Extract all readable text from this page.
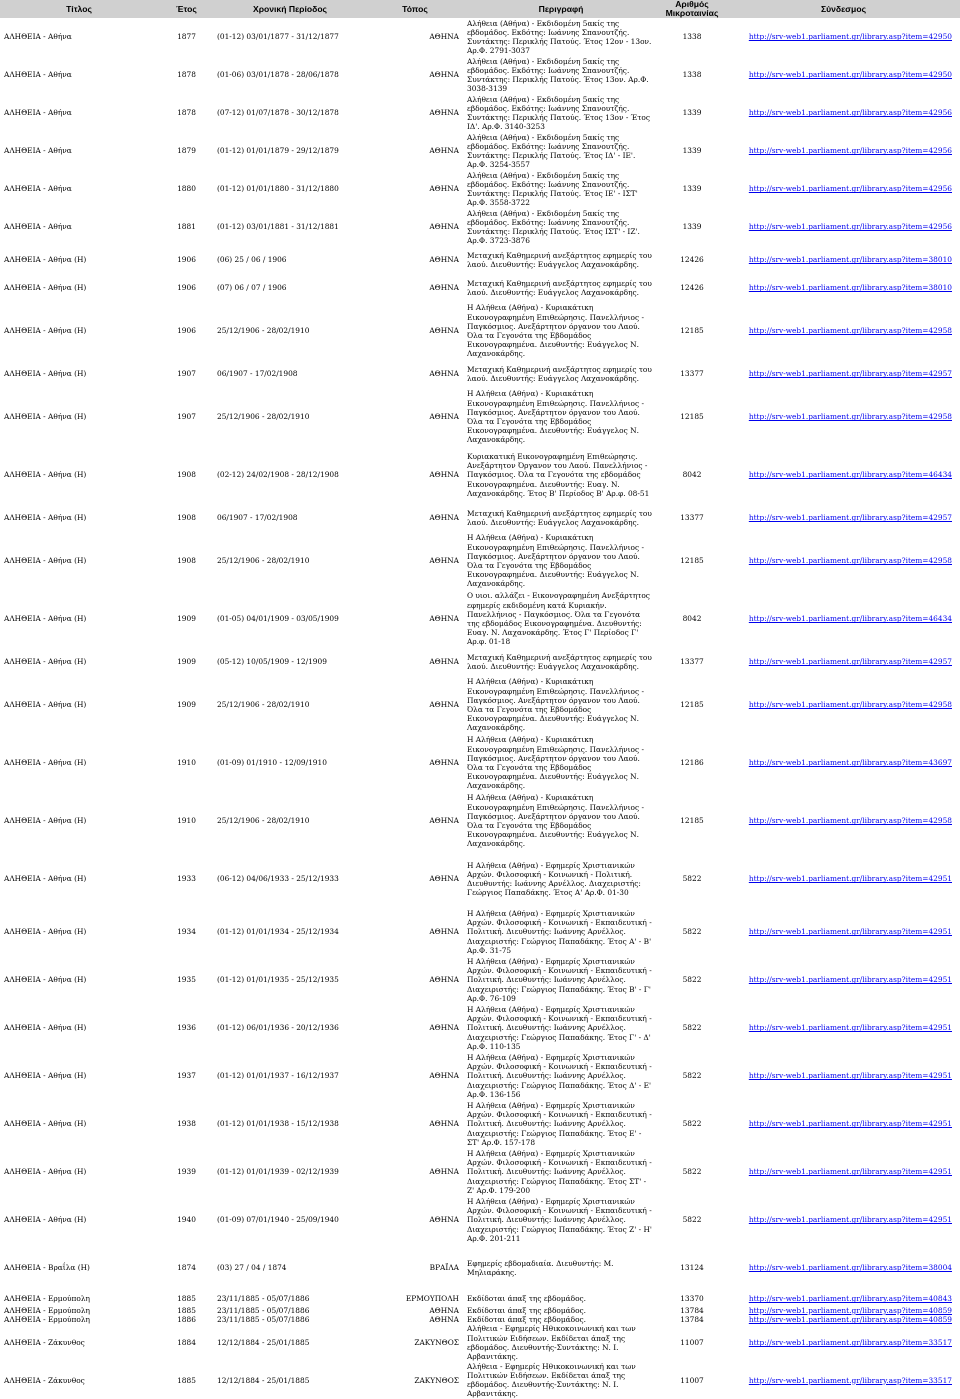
Τίτλος	Έτος	Χρονική Περίοδος	Τόπος	Περιγραφή	Αριθμός Μικροταινίας	Σύνδεσμος
ΑΛΗΘΕΙΑ - Αθήνα	1877	(01-12) 03/01/1877 - 31/12/1877	ΑΘΗΝΑ	Αλήθεια (Αθήνα) - Εκδιδομένη 5ακίς της εβδομάδος. Εκδότης: Ιωάννης Σπανουτζής. Συντάκτης: Περικλής Πατούς. Έτος 12ον - 13ον. Αρ.Φ. 2791-3037	1338	http://srv-web1.parliament.gr/library.asp?item=42950
ΑΛΗΘΕΙΑ - Αθήνα	1878	(01-06) 03/01/1878 - 28/06/1878	ΑΘΗΝΑ	Αλήθεια (Αθήνα) - Εκδιδομένη 5ακίς της εβδομάδος. Εκδότης: Ιωάννης Σπανουτζής. Συντάκτης: Περικλής Πατούς. Έτος 13ον. Αρ.Φ. 3038-3139	1338	http://srv-web1.parliament.gr/library.asp?item=42950
ΑΛΗΘΕΙΑ - Αθήνα	1878	(07-12) 01/07/1878 - 30/12/1878	ΑΘΗΝΑ	Αλήθεια (Αθήνα) - Εκδιδομένη 5ακίς της εβδομάδος. Εκδότης: Ιωάννης Σπανουτζής. Συντάκτης: Περικλής Πατούς. Έτος 13ον - Έτος ΙΔ'. Αρ.Φ. 3140-3253	1339	http://srv-web1.parliament.gr/library.asp?item=42956
ΑΛΗΘΕΙΑ - Αθήνα	1879	(01-12) 01/01/1879 - 29/12/1879	ΑΘΗΝΑ	Αλήθεια (Αθήνα) - Εκδιδομένη 5ακίς της εβδομάδος. Εκδότης: Ιωάννης Σπανουτζής. Συντάκτης: Περικλής Πατούς. Έτος ΙΔ' - ΙΕ'. Αρ.Φ. 3254-3557	1339	http://srv-web1.parliament.gr/library.asp?item=42956
ΑΛΗΘΕΙΑ - Αθήνα	1880	(01-12) 01/01/1880 - 31/12/1880	ΑΘΗΝΑ	Αλήθεια (Αθήνα) - Εκδιδομένη 5ακίς της εβδομάδος. Εκδότης: Ιωάννης Σπανουτζής. Συντάκτης: Περικλής Πατούς. Έτος ΙΕ' - ΙΣΤ' Αρ.Φ. 3558-3722	1339	http://srv-web1.parliament.gr/library.asp?item=42956
ΑΛΗΘΕΙΑ - Αθήνα	1881	(01-12) 03/01/1881 - 31/12/1881	ΑΘΗΝΑ	Αλήθεια (Αθήνα) - Εκδιδομένη 5ακίς της εβδομάδος. Εκδότης: Ιωάννης Σπανουτζής. Συντάκτης: Περικλής Πατούς. Έτος ΙΣΤ' - ΙΖ'. Αρ.Φ. 3723-3876	1339	http://srv-web1.parliament.gr/library.asp?item=42956
ΑΛΗΘΕΙΑ - Αθήνα (Η)	1906	(06) 25 / 06 / 1906	ΑΘΗΝΑ	Μεταχική Καθημερινή ανεξάρτητος εφημερίς του λαού. Διευθυντής: Ευάγγελος Λαχανοκάρδης.	12426	http://srv-web1.parliament.gr/library.asp?item=38010
ΑΛΗΘΕΙΑ - Αθήνα (Η)	1906	(07) 06 / 07 / 1906	ΑΘΗΝΑ	Μεταχική Καθημερινή ανεξάρτητος εφημερίς του λαού. Διευθυντής: Ευάγγελος Λαχανοκάρδης.	12426	http://srv-web1.parliament.gr/library.asp?item=38010
ΑΛΗΘΕΙΑ - Αθήνα (Η)	1906	25/12/1906 - 28/02/1910	ΑΘΗΝΑ	Η Αλήθεια (Αθήνα) - Κυριακάτικη Εικονογραφημένη Επιθεώρησις. Πανελλήνιος - Παγκόσμιος. Ανεξάρτητον όργανον του Λαού. Όλα τα Γεγονότα της Εβδομάδος Εικονογραφημένα. Διευθυντής: Ευάγγελος Ν. Λαχανοκάρδης.	12185	http://srv-web1.parliament.gr/library.asp?item=42958
ΑΛΗΘΕΙΑ - Αθήνα (Η)	1907	06/1907 - 17/02/1908	ΑΘΗΝΑ	Μεταχική Καθημερινή ανεξάρτητος εφημερίς του λαού. Διευθυντής: Ευάγγελος Λαχανοκάρδης.	13377	http://srv-web1.parliament.gr/library.asp?item=42957
ΑΛΗΘΕΙΑ - Αθήνα (Η)	1907	25/12/1906 - 28/02/1910	ΑΘΗΝΑ	Η Αλήθεια (Αθήνα) - Κυριακάτικη Εικονογραφημένη Επιθεώρησις. Πανελλήνιος - Παγκόσμιος. Ανεξάρτητον όργανον του Λαού. Όλα τα Γεγονότα της Εβδομάδος Εικονογραφημένα. Διευθυντής: Ευάγγελος Ν. Λαχανοκάρδης.	12185	http://srv-web1.parliament.gr/library.asp?item=42958
ΑΛΗΘΕΙΑ - Αθήνα (Η)	1908	(02-12) 24/02/1908 - 28/12/1908	ΑΘΗΝΑ	Κυριακατική Εικονογραφημένη Επιθεώρησις. Ανεξάρτητον Όργανον του Λαού. Πανελλήνιος - Παγκόσμιος. Όλα τα Γεγονότα της εβδομάδος Εικονογραφημένα. Διευθυντής: Ευαγ. Ν. Λαχανοκάρδης. Έτος Β' Περίοδος Β' Αρ.φ. 08-51	8042	http://srv-web1.parliament.gr/library.asp?item=46434
ΑΛΗΘΕΙΑ - Αθήνα (Η)	1908	06/1907 - 17/02/1908	ΑΘΗΝΑ	Μεταχική Καθημερινή ανεξάρτητος εφημερίς του λαού. Διευθυντής: Ευάγγελος Λαχανοκάρδης.	13377	http://srv-web1.parliament.gr/library.asp?item=42957
ΑΛΗΘΕΙΑ - Αθήνα (Η)	1908	25/12/1906 - 28/02/1910	ΑΘΗΝΑ	Η Αλήθεια (Αθήνα) - Κυριακάτικη Εικονογραφημένη Επιθεώρησις. Πανελλήνιος - Παγκόσμιος. Ανεξάρτητον όργανον του Λαού. Όλα τα Γεγονότα της Εβδομάδος Εικονογραφημένα. Διευθυντής: Ευάγγελος Ν. Λαχανοκάρδης.	12185	http://srv-web1.parliament.gr/library.asp?item=42958
ΑΛΗΘΕΙΑ - Αθήνα (Η)	1909	(01-05) 04/01/1909 - 03/05/1909	ΑΘΗΝΑ	Ο υιοι. αλλάζει - Εικονογραφημένη Ανεξάρτητος εφημερίς εκδιδομένη κατά Κυριακήν. Πανελλήνιος - Παγκόσμιος. Όλα τα Γεγονότα της εβδομάδος Εικονογραφημένα. Διευθυντής: Ευαγ. Ν. Λαχανοκάρδης. Έτος Γ' Περίοδος Γ' Αρ.φ. 01-18	8042	http://srv-web1.parliament.gr/library.asp?item=46434
ΑΛΗΘΕΙΑ - Αθήνα (Η)	1909	(05-12) 10/05/1909 - 12/1909	ΑΘΗΝΑ	Μεταχική Καθημερινή ανεξάρτητος εφημερίς του λαού. Διευθυντής: Ευάγγελος Λαχανοκάρδης.	13377	http://srv-web1.parliament.gr/library.asp?item=42957
ΑΛΗΘΕΙΑ - Αθήνα (Η)	1909	25/12/1906 - 28/02/1910	ΑΘΗΝΑ	Η Αλήθεια (Αθήνα) - Κυριακάτικη Εικονογραφημένη Επιθεώρησις. Πανελλήνιος - Παγκόσμιος. Ανεξάρτητον όργανον του Λαού. Όλα τα Γεγονότα της Εβδομάδος Εικονογραφημένα. Διευθυντής: Ευάγγελος Ν. Λαχανοκάρδης.	12185	http://srv-web1.parliament.gr/library.asp?item=42958
ΑΛΗΘΕΙΑ - Αθήνα (Η)	1910	(01-09) 01/1910 - 12/09/1910	ΑΘΗΝΑ	Η Αλήθεια (Αθήνα) - Κυριακάτικη Εικονογραφημένη Επιθεώρησις. Πανελλήνιος - Παγκόσμιος. Ανεξάρτητον όργανον του Λαού. Όλα τα Γεγονότα της Εβδομάδος Εικονογραφημένα. Διευθυντής: Ευάγγελος Ν. Λαχανοκάρδης.	12186	http://srv-web1.parliament.gr/library.asp?item=43697
ΑΛΗΘΕΙΑ - Αθήνα (Η)	1910	25/12/1906 - 28/02/1910	ΑΘΗΝΑ	Η Αλήθεια (Αθήνα) - Κυριακάτικη Εικονογραφημένη Επιθεώρησις. Πανελλήνιος - Παγκόσμιος. Ανεξάρτητον όργανον του Λαού. Όλα τα Γεγονότα της Εβδομάδος Εικονογραφημένα. Διευθυντής: Ευάγγελος Ν. Λαχανοκάρδης.	12185	http://srv-web1.parliament.gr/library.asp?item=42958
ΑΛΗΘΕΙΑ - Αθήνα (Η)	1933	(06-12) 04/06/1933 - 25/12/1933	ΑΘΗΝΑ	Η Αλήθεια (Αθήνα) - Εφημερίς Χριστιανικών Αρχών. Φιλοσοφική - Κοινωνική - Πολιτική. Διευθυντής: Ιωάννης Αρνέλλος. Διαχειριστής: Γεώργιος Παπαδάκης. Έτος Α' Αρ.Φ. 01-30	5822	http://srv-web1.parliament.gr/library.asp?item=42951
ΑΛΗΘΕΙΑ - Αθήνα (Η)	1934	(01-12) 01/01/1934 - 25/12/1934	ΑΘΗΝΑ	Η Αλήθεια (Αθήνα) - Εφημερίς Χριστιανικών Αρχών. Φιλοσοφική - Κοινωνική - Εκπαιδευτική - Πολιτική. Διευθυντής: Ιωάννης Αρνέλλος. Διαχειριστής: Γεώργιος Παπαδάκης. Έτος Α' - Β' Αρ.Φ. 31-75	5822	http://srv-web1.parliament.gr/library.asp?item=42951
ΑΛΗΘΕΙΑ - Αθήνα (Η)	1935	(01-12) 01/01/1935 - 25/12/1935	ΑΘΗΝΑ	Η Αλήθεια (Αθήνα) - Εφημερίς Χριστιανικών Αρχών. Φιλοσοφική - Κοινωνική - Εκπαιδευτική - Πολιτική. Διευθυντής: Ιωάννης Αρνέλλος. Διαχειριστής: Γεώργιος Παπαδάκης. Έτος Β' - Γ' Αρ.Φ. 76-109	5822	http://srv-web1.parliament.gr/library.asp?item=42951
ΑΛΗΘΕΙΑ - Αθήνα (Η)	1936	(01-12) 06/01/1936 - 20/12/1936	ΑΘΗΝΑ	Η Αλήθεια (Αθήνα) - Εφημερίς Χριστιανικών Αρχών. Φιλοσοφική - Κοινωνική - Εκπαιδευτική - Πολιτική. Διευθυντής: Ιωάννης Αρνέλλος. Διαχειριστής: Γεώργιος Παπαδάκης. Έτος Γ' - Δ' Αρ.Φ. 110-135	5822	http://srv-web1.parliament.gr/library.asp?item=42951
ΑΛΗΘΕΙΑ - Αθήνα (Η)	1937	(01-12) 01/01/1937 - 16/12/1937	ΑΘΗΝΑ	Η Αλήθεια (Αθήνα) - Εφημερίς Χριστιανικών Αρχών. Φιλοσοφική - Κοινωνική - Εκπαιδευτική - Πολιτική. Διευθυντής: Ιωάννης Αρνέλλος. Διαχειριστής: Γεώργιος Παπαδάκης. Έτος Δ' - Ε' Αρ.Φ. 136-156	5822	http://srv-web1.parliament.gr/library.asp?item=42951
ΑΛΗΘΕΙΑ - Αθήνα (Η)	1938	(01-12) 01/01/1938 - 15/12/1938	ΑΘΗΝΑ	Η Αλήθεια (Αθήνα) - Εφημερίς Χριστιανικών Αρχών. Φιλοσοφική - Κοινωνική - Εκπαιδευτική - Πολιτική. Διευθυντής: Ιωάννης Αρνέλλος. Διαχειριστής: Γεώργιος Παπαδάκης. Έτος Ε' - ΣΤ' Αρ.Φ. 157-178	5822	http://srv-web1.parliament.gr/library.asp?item=42951
ΑΛΗΘΕΙΑ - Αθήνα (Η)	1939	(01-12) 01/01/1939 - 02/12/1939	ΑΘΗΝΑ	Η Αλήθεια (Αθήνα) - Εφημερίς Χριστιανικών Αρχών. Φιλοσοφική - Κοινωνική - Εκπαιδευτική - Πολιτική. Διευθυντής: Ιωάννης Αρνέλλος. Διαχειριστής: Γεώργιος Παπαδάκης. Έτος ΣΤ' - Ζ' Αρ.Φ. 179-200	5822	http://srv-web1.parliament.gr/library.asp?item=42951
ΑΛΗΘΕΙΑ - Αθήνα (Η)	1940	(01-09) 07/01/1940 - 25/09/1940	ΑΘΗΝΑ	Η Αλήθεια (Αθήνα) - Εφημερίς Χριστιανικών Αρχών. Φιλοσοφική - Κοινωνική - Εκπαιδευτική - Πολιτική. Διευθυντής: Ιωάννης Αρνέλλος. Διαχειριστής: Γεώργιος Παπαδάκης. Έτος Ζ' - Η' Αρ.Φ. 201-211	5822	http://srv-web1.parliament.gr/library.asp?item=42951
ΑΛΗΘΕΙΑ - Βραΐλα (Η)	1874	(03) 27 / 04 / 1874	ΒΡΑΪΛΑ	Εφημερίς εβδομαδιαία. Διευθυντής: Μ. Μηλιαράκης.	13124	http://srv-web1.parliament.gr/library.asp?item=38004
ΑΛΗΘΕΙΑ - Ερμούπολη	1885	23/11/1885 - 05/07/1886	ΕΡΜΟΥΠΟΛΗ	Εκδίδοται άπαξ της εβδομάδος.	13370	http://srv-web1.parliament.gr/library.asp?item=40843
ΑΛΗΘΕΙΑ - Ερμούπολη	1885	23/11/1885 - 05/07/1886	ΑΘΗΝΑ	Εκδίδοται άπαξ της εβδομάδος.	13784	http://srv-web1.parliament.gr/library.asp?item=40859
ΑΛΗΘΕΙΑ - Ερμούπολη	1886	23/11/1885 - 05/07/1886	ΑΘΗΝΑ	Εκδίδοται άπαξ της εβδομάδος.	13784	http://srv-web1.parliament.gr/library.asp?item=40859
ΑΛΗΘΕΙΑ - Ζάκυνθος	1884	12/12/1884 - 25/01/1885	ΖΑΚΥΝΘΟΣ	Αλήθεια - Εφημερίς Ηθικοκοινωνική και των Πολιτικών Ειδήσεων. Εκδίδεται άπαξ της εβδομάδος. Διευθυντής-Συντάκτης: Ν. Ι. Αρβανιτάκης.	11007	http://srv-web1.parliament.gr/library.asp?item=33517
ΑΛΗΘΕΙΑ - Ζάκυνθος	1885	12/12/1884 - 25/01/1885	ΖΑΚΥΝΘΟΣ	Αλήθεια - Εφημερίς Ηθικοκοινωνική και των Πολιτικών Ειδήσεων. Εκδίδεται άπαξ της εβδομάδος. Διευθυντής-Συντάκτης: Ν. Ι. Αρβανιτάκης.	11007	http://srv-web1.parliament.gr/library.asp?item=33517
